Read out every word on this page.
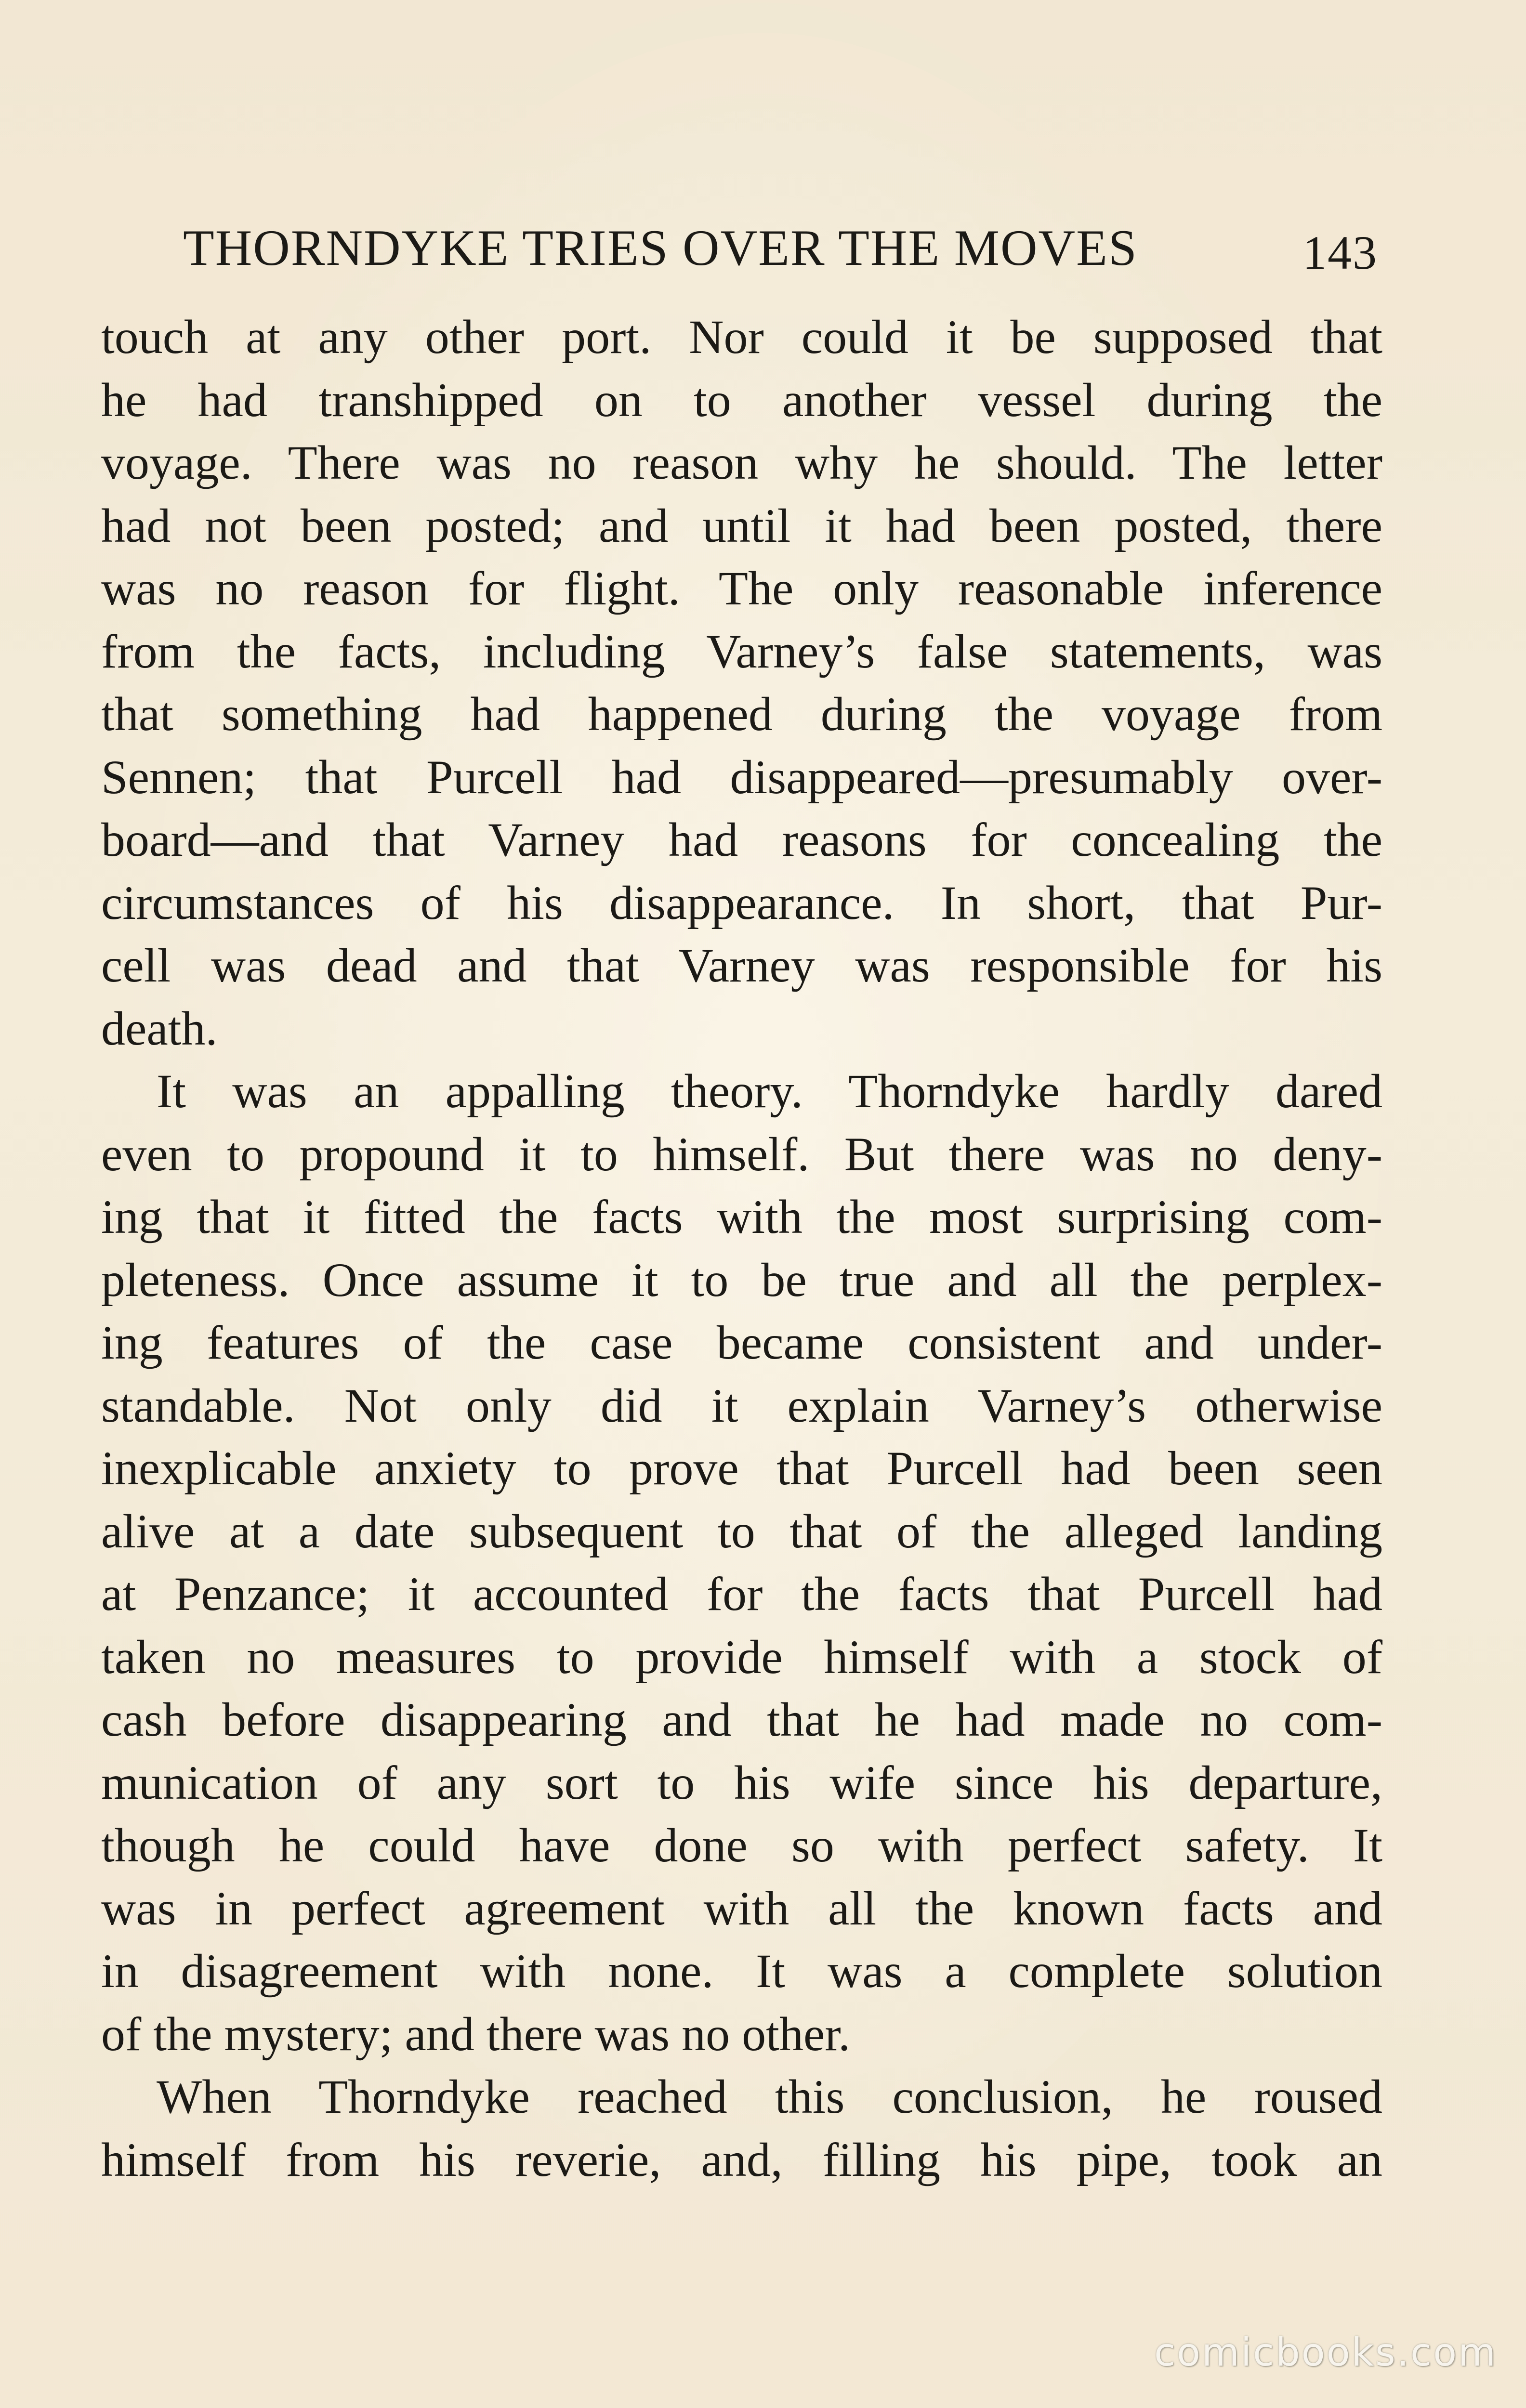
THORNDYKE TRIES OVER THE MOVES	143
touch at any other port. Nor could it be supposed that
he had transhipped on to another vessel during the
voyage. There was no reason why he should. The letter
had not been posted; and until it had been posted, there
was no reason for flight. The only reasonable inference
from the facts, including Varney’s false statements, was
that something had happened during the voyage from
Sennen; that Purcell had disappeared—presumably over-
board—and that Varney had reasons for concealing the
circumstances of his disappearance. In short, that Pur-
cell was dead and that Varney was responsible for his
death.
It was an appalling theory. Thorndyke hardly dared
even to propound it to himself. But there was no deny-
ing that it fitted the facts with the most surprising com-
pleteness. Once assume it to be true and all the perplex-
ing features of the case became consistent and under-
standable. Not only did it explain Varney’s otherwise
inexplicable anxiety to prove that Purcell had been seen
alive at a date subsequent to that of the alleged landing
at Penzance; it accounted for the facts that Purcell had
taken no measures to provide himself with a stock of
cash before disappearing and that he had made no com-
munication of any sort to his wife since his departure,
though he could have done so with perfect safety. It
was in perfect agreement with all the known facts and
in disagreement with none. It was a complete solution
of the mystery; and there was no other.
When Thorndyke reached this conclusion, he roused
himself from his reverie, and, filling his pipe, took an
comicbooks.com
